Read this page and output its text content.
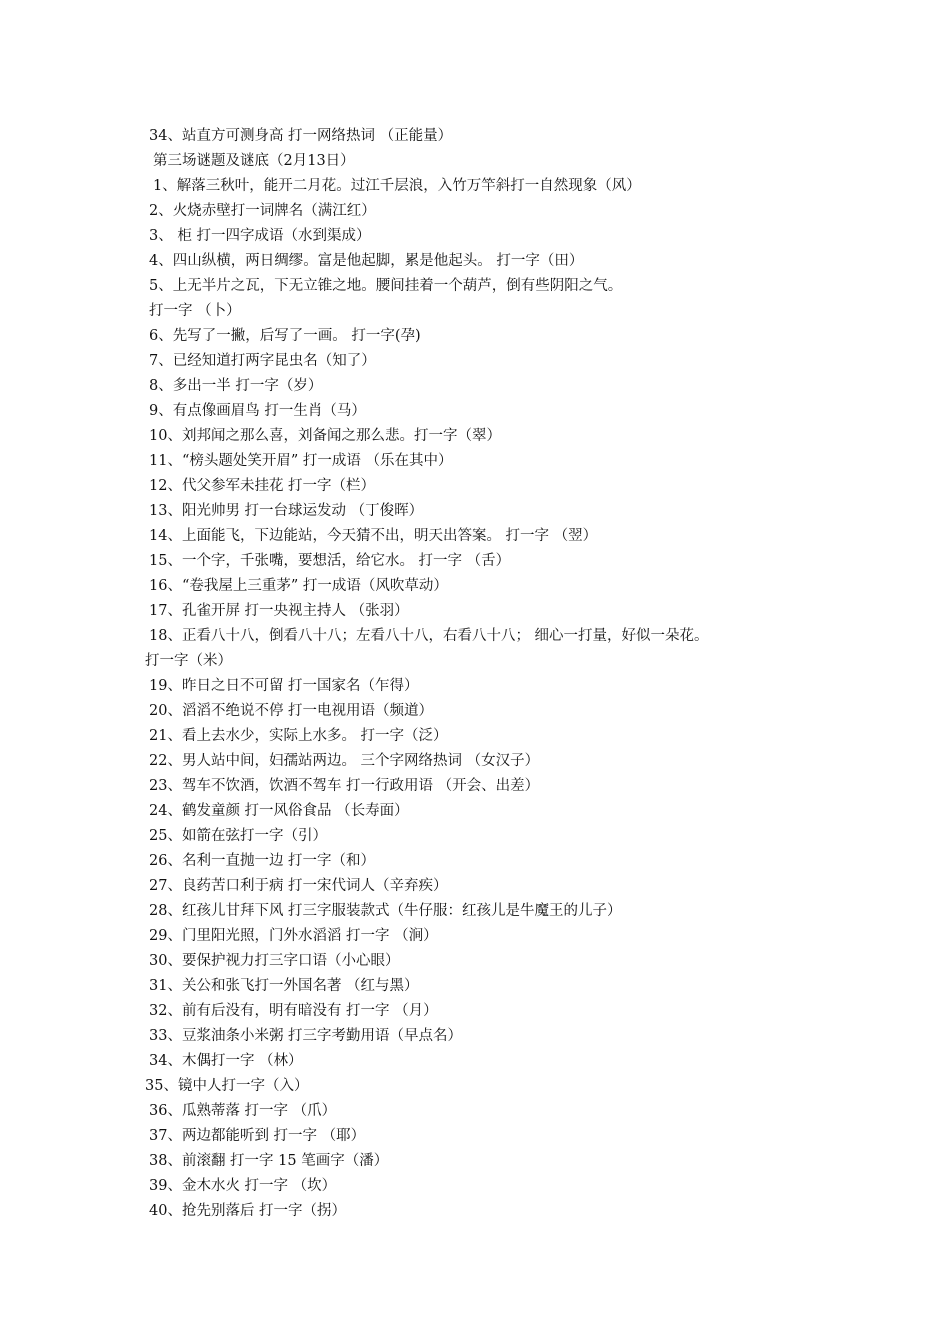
34、站直方可测身高 打一网络热词 （正能量）
第三场谜题及谜底（2月13日）
1、解落三秋叶，能开二月花。过江千层浪，入竹万竿斜打一自然现象（风）
2、火烧赤壁打一词牌名（满江红）
3、 柜 打一四字成语（水到渠成）
4、四山纵横，两日绸缪。富是他起脚，累是他起头。 打一字（田）
5、上无半片之瓦，下无立锥之地。腰间挂着一个葫芦，倒有些阴阳之气。
打一字 （卜）
6、先写了一撇，后写了一画。 打一字(孕)
7、已经知道打两字昆虫名（知了）
8、多出一半 打一字（岁）
9、有点像画眉鸟 打一生肖（马）
10、刘邦闻之那么喜，刘备闻之那么悲。打一字（翠）
11、“榜头题处笑开眉” 打一成语 （乐在其中）
12、代父参军未挂花 打一字（栏）
13、阳光帅男 打一台球运发动 （丁俊晖）
14、上面能飞，下边能站，今天猜不出，明天出答案。 打一字 （翌）
15、一个字，千张嘴，要想活，给它水。 打一字 （舌）
16、“卷我屋上三重茅” 打一成语（风吹草动）
17、孔雀开屏 打一央视主持人 （张羽）
18、正看八十八，倒看八十八；左看八十八，右看八十八； 细心一打量，好似一朵花。
打一字（米）
19、昨日之日不可留 打一国家名（乍得）
20、滔滔不绝说不停 打一电视用语（频道）
21、看上去水少，实际上水多。 打一字（泛）
22、男人站中间，妇孺站两边。 三个字网络热词 （女汉子）
23、驾车不饮酒，饮酒不驾车 打一行政用语 （开会、出差）
24、鹤发童颜 打一风俗食品 （长寿面）
25、如箭在弦打一字（引）
26、名利一直抛一边 打一字（和）
27、良药苦口利于病 打一宋代词人（辛弃疾）
28、红孩儿甘拜下风 打三字服装款式（牛仔服：红孩儿是牛魔王的儿子）
29、门里阳光照，门外水滔滔 打一字 （涧）
30、要保护视力打三字口语（小心眼）
31、关公和张飞打一外国名著 （红与黑）
32、前有后没有，明有暗没有 打一字 （月）
33、豆浆油条小米粥 打三字考勤用语（早点名）
34、木偶打一字 （林）
35、镜中人打一字（入）
36、瓜熟蒂落 打一字 （爪）
37、两边都能听到 打一字 （耶）
38、前滚翻 打一字 15 笔画字（潘）
39、金木水火 打一字 （坎）
40、抢先别落后 打一字（拐）
